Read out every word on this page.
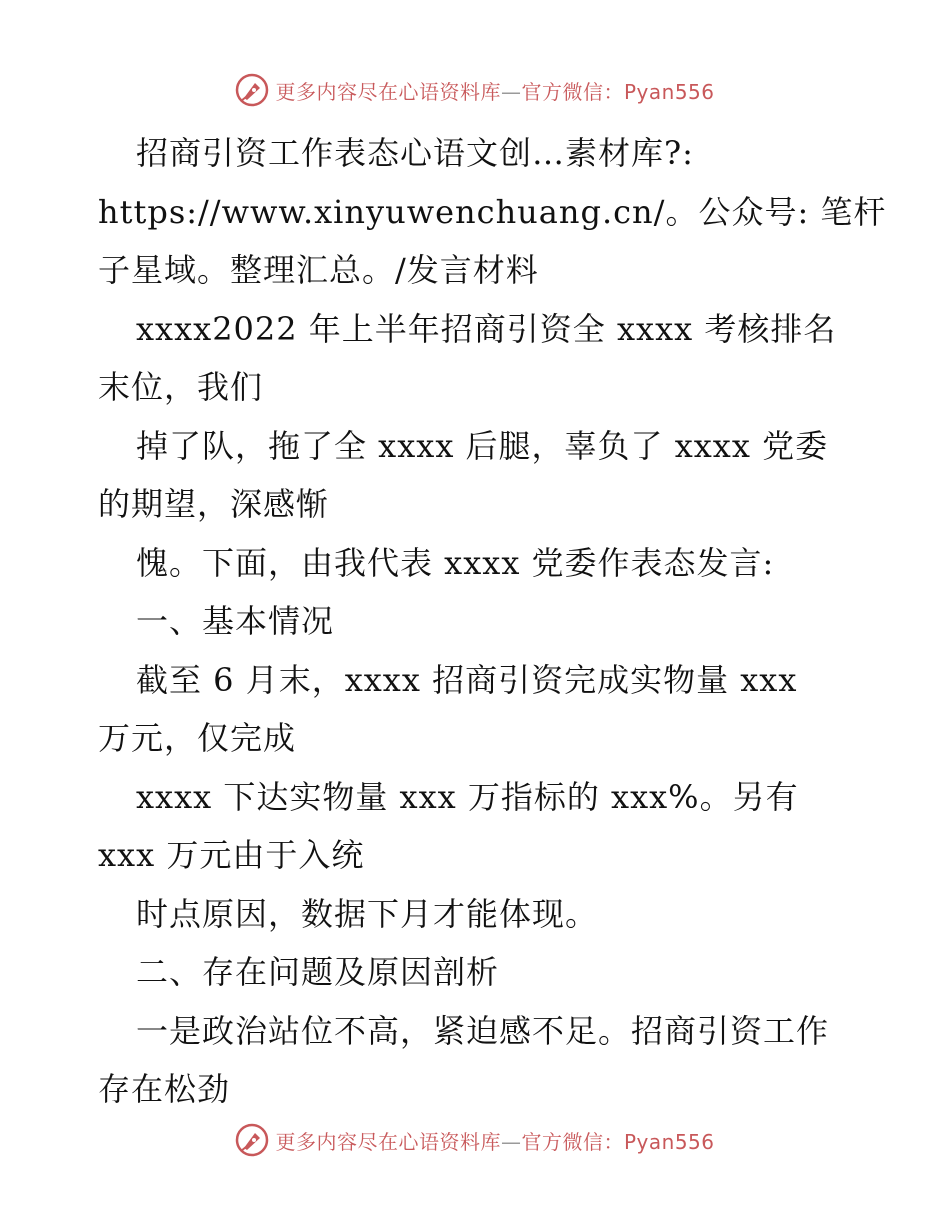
更多内容尽在心语资料库—官方微信：Pyan556
招商引资工作表态心语文创…素材库?:
https://www.xinyuwenchuang.cn/。公众号: 笔杆
子星域。整理汇总。/发言材料
xxxx2022 年上半年招商引资全 xxxx 考核排名
末位，我们
掉了队，拖了全 xxxx 后腿，辜负了 xxxx 党委
的期望，深感惭
愧。下面，由我代表 xxxx 党委作表态发言:
一、基本情况
截至 6 月末，xxxx 招商引资完成实物量 xxx
万元，仅完成
xxxx 下达实物量 xxx 万指标的 xxx%。另有
xxx 万元由于入统
时点原因，数据下月才能体现。
二、存在问题及原因剖析
一是政治站位不高，紧迫感不足。招商引资工作
存在松劲
更多内容尽在心语资料库—官方微信：Pyan556
